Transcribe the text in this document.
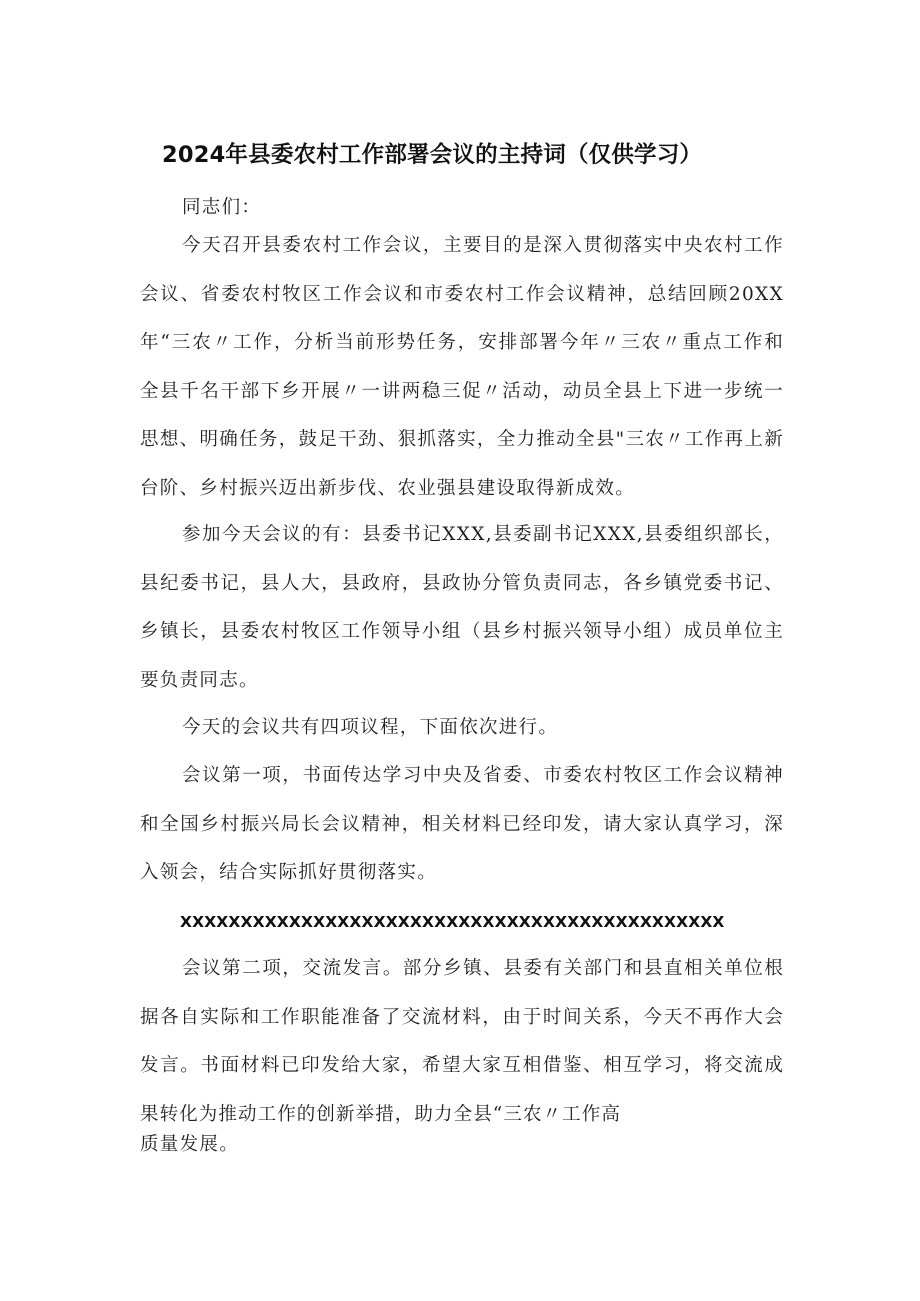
2024年县委农村工作部署会议的主持词（仅供学习）
同志们：
今天召开县委农村工作会议，主要目的是深入贯彻落实中央农村工作会议、省委农村牧区工作会议和市委农村工作会议精神，总结回顾20XX年“三农〃工作，分析当前形势任务，安排部署今年〃三农〃重点工作和全县千名干部下乡开展〃一讲两稳三促〃活动，动员全县上下进一步统一思想、明确任务，鼓足干劲、狠抓落实，全力推动全县"三农〃工作再上新台阶、乡村振兴迈出新步伐、农业强县建设取得新成效。
参加今天会议的有：县委书记XXX,县委副书记XXX,县委组织部长，县纪委书记，县人大，县政府，县政协分管负责同志，各乡镇党委书记、乡镇长，县委农村牧区工作领导小组（县乡村振兴领导小组）成员单位主要负责同志。
今天的会议共有四项议程，下面依次进行。
会议第一项，书面传达学习中央及省委、市委农村牧区工作会议精神和全国乡村振兴局长会议精神，相关材料已经印发，请大家认真学习，深入领会，结合实际抓好贯彻落实。
XXXXXXXXXXXXXXXXXXXXXXXXXXXXXXXXXXXXXXXXXXXXX
会议第二项，交流发言。部分乡镇、县委有关部门和县直相关单位根据各自实际和工作职能准备了交流材料，由于时间关系，今天不再作大会发言。书面材料已印发给大家，希望大家互相借鉴、相互学习，将交流成果转化为推动工作的创新举措，助力全县“三农〃工作高
质量发展。
